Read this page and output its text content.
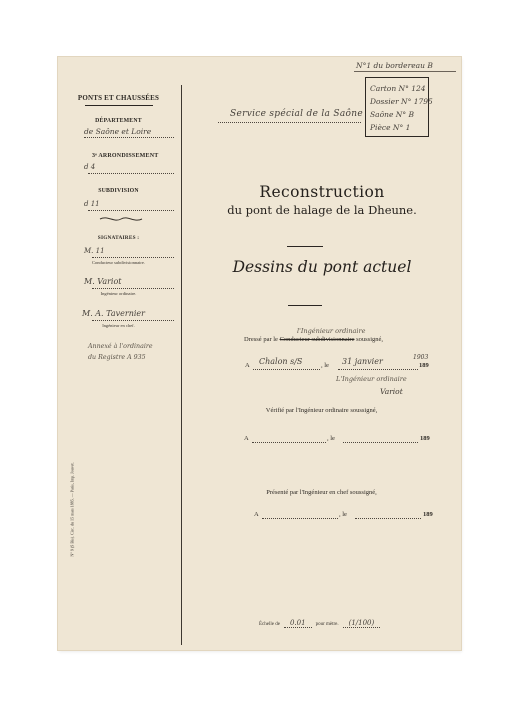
N°1 du bordereau B
Carton N° 124
Dossier N° 1795
Saône N° B
Pièce N° 1
PONTS ET CHAUSSÉES
DÉPARTEMENT
de Saône et Loire
3ᵉ ARRONDISSEMENT
d 4
SUBDIVISION
d 11
SIGNATAIRES :
M. 11
Conducteur subdivisionnaire.
M. Variot
Ingénieur ordinaire.
M. A. Tavernier
Ingénieur en chef.
Annexé à l'ordinaire
du Registre A 935
N° 9 (S Bis). Circ. du 15 mars 1885. — Paris, Imp. Jouvet.
Service spécial de la Saône
Reconstruction
du pont de halage de la Dheune.
Dessins du pont actuel
l'Ingénieur ordinaire
Dressé par le Conducteur subdivisionnaire soussigné,
A Chalon s/S	, le 31 janvier	1903
189
L'Ingénieur ordinaire
Variot
Vérifié par l'Ingénieur ordinaire soussigné,
A	, le	189
Présenté par l'Ingénieur en chef soussigné,
A	, le	189
Échelle de 0.01 pour mètre. (1/100)
